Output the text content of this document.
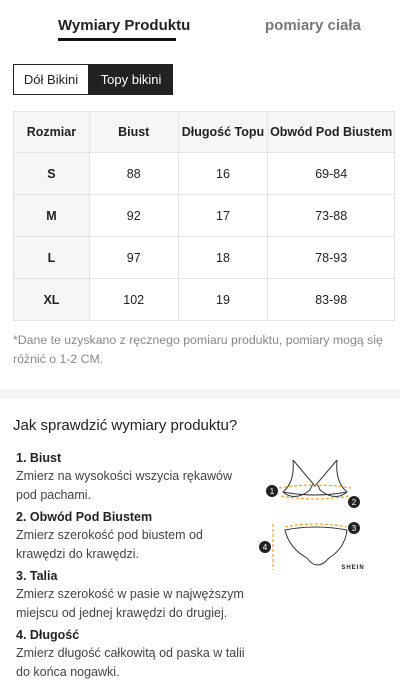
Wymiary Produktu	pomiary ciała
Dół Bikini	Topy bikini
Rozmiar	Biust	Długość Topu	Obwód Pod Biustem
S	88	16	69-84
M	92	17	73-88
L	97	18	78-93
XL	102	19	83-98
*Dane te uzyskano z ręcznego pomiaru produktu, pomiary mogą się różnić o 1-2 CM.
Jak sprawdzić wymiary produktu?
1. Biust
Zmierz na wysokości wszycia rękawów pod pachami.
2. Obwód Pod Biustem
Zmierz szerokość pod biustem od krawędzi do krawędzi.
3. Talia
Zmierz szerokość w pasie w najwęższym miejscu od jednej krawędzi do drugiej.
4. Długość
Zmierz długość całkowitą od paska w talii do końca nogawki.
1
2
3
4
SHEIN
